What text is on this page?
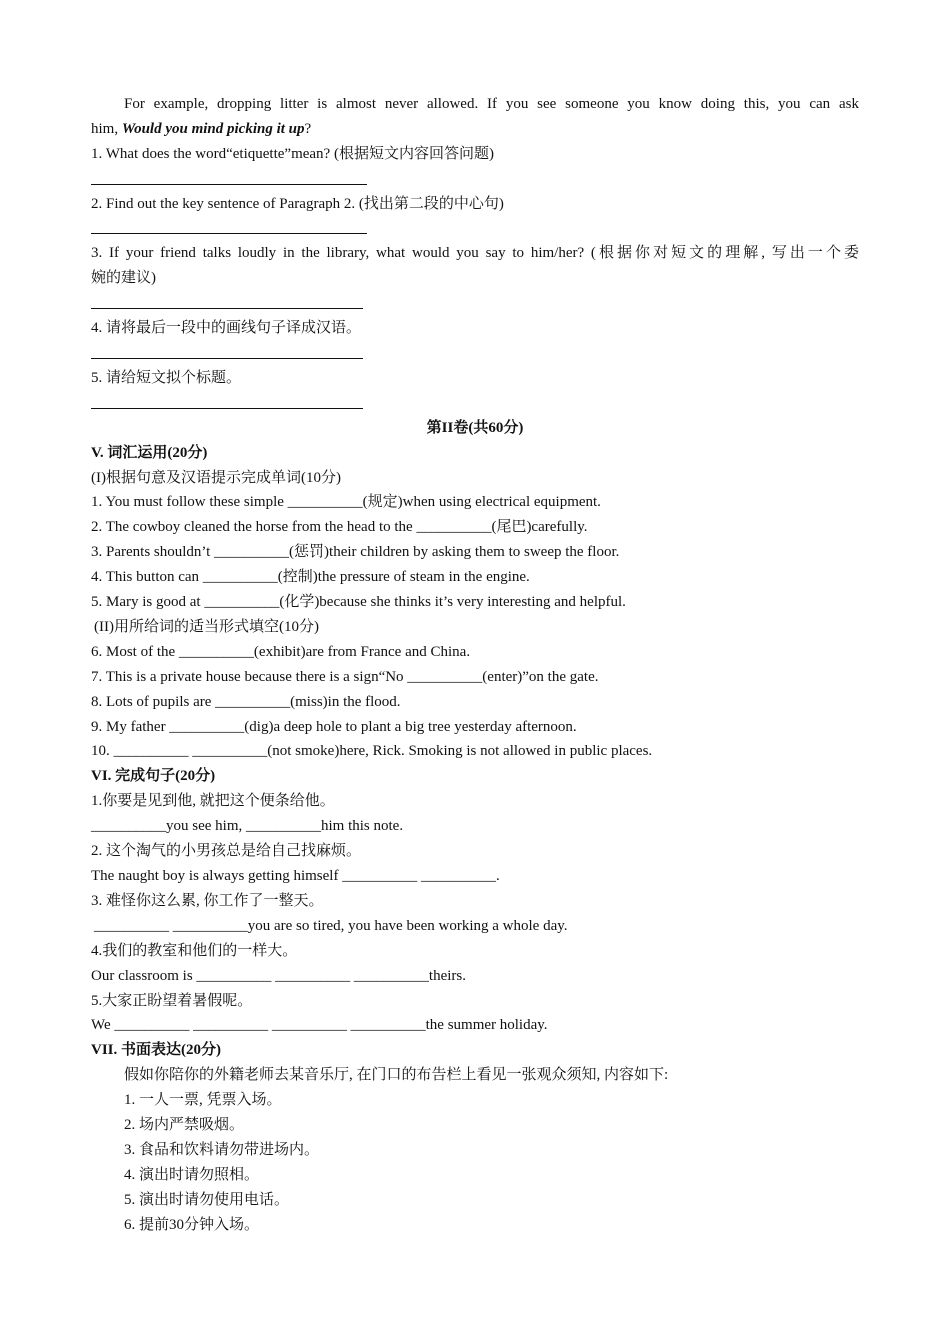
For example, dropping litter is almost never allowed. If you see someone you know doing this, you can ask
him, Would you mind picking it up?
1. What does the word“etiquette”mean? (根据短文内容回答问题)
2. Find out the key sentence of Paragraph 2. (找出第二段的中心句)
3. If your friend talks loudly in the library, what would you say to him/her? (根据你对短文的理解, 写出一个委
婉的建议)
4. 请将最后一段中的画线句子译成汉语。
5. 请给短文拟个标题。
第II卷(共60分)
V. 词汇运用(20分)
(I)根据句意及汉语提示完成单词(10分)
1. You must follow these simple __________(规定)when using electrical equipment.
2. The cowboy cleaned the horse from the head to the __________(尾巴)carefully.
3. Parents shouldn’t __________(惩罚)their children by asking them to sweep the floor.
4. This button can __________(控制)the pressure of steam in the engine.
5. Mary is good at __________(化学)because she thinks it’s very interesting and helpful.
(II)用所给词的适当形式填空(10分)
6. Most of the __________(exhibit)are from France and China.
7. This is a private house because there is a sign“No __________(enter)”on the gate.
8. Lots of pupils are __________(miss)in the flood.
9. My father __________(dig)a deep hole to plant a big tree yesterday afternoon.
10. __________ __________(not smoke)here, Rick. Smoking is not allowed in public places.
VI. 完成句子(20分)
1.你要是见到他, 就把这个便条给他。
__________you see him, __________him this note.
2. 这个淘气的小男孩总是给自己找麻烦。
The naught boy is always getting himself __________ __________.
3. 难怪你这么累, 你工作了一整天。
__________ __________you are so tired, you have been working a whole day.
4.我们的教室和他们的一样大。
Our classroom is __________ __________ __________theirs.
5.大家正盼望着暑假呢。
We __________ __________ __________ __________the summer holiday.
VII. 书面表达(20分)
假如你陪你的外籍老师去某音乐厅, 在门口的布告栏上看见一张观众须知, 内容如下:
1. 一人一票, 凭票入场。
2. 场内严禁吸烟。
3. 食品和饮料请勿带进场内。
4. 演出时请勿照相。
5. 演出时请勿使用电话。
6. 提前30分钟入场。
